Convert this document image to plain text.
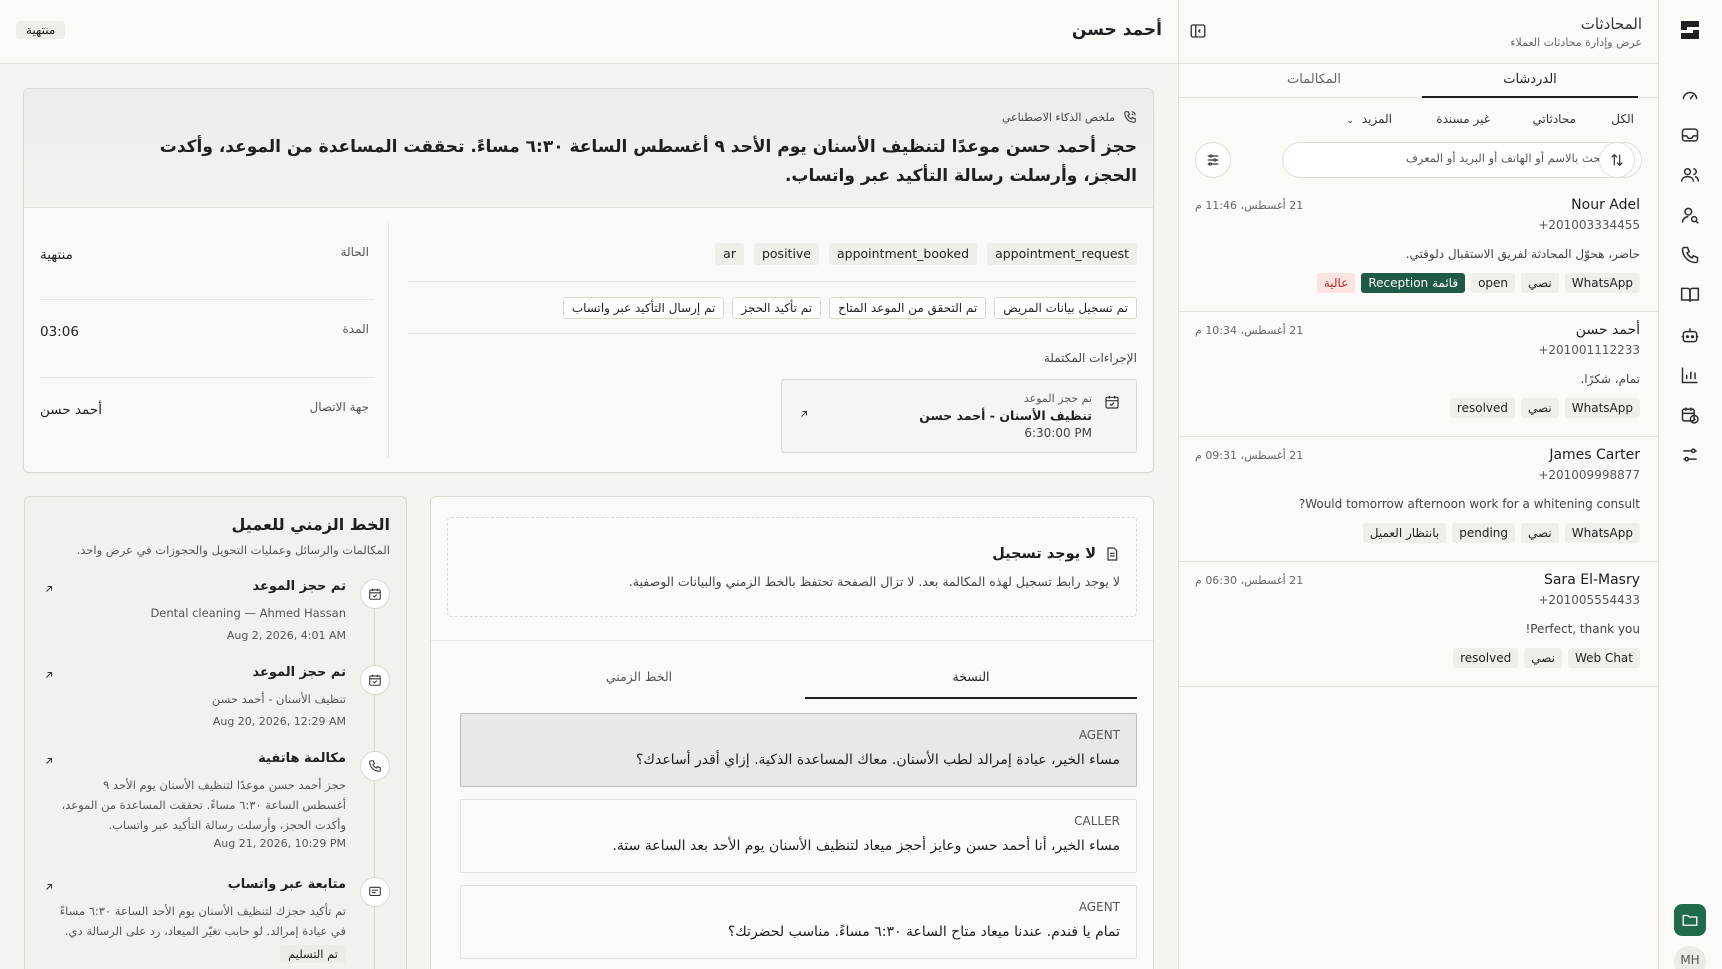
MH
المحادثات
عرض وإدارة محادثات العملاء
الدردشات
المكالمات
الكل
محادثاتي
غير مسندة
المزيد ⌄
ابحث بالاسم أو الهاتف أو البريد أو المعرف
Nour Adel
+201003334455
21 أغسطس، 11:46 م
حاضر، هحوّل المحادثة لفريق الاستقبال دلوقتي.
WhatsApp
نصي
open
قائمة Reception
عالية
أحمد حسن
+201001112233
21 أغسطس، 10:34 م
تمام، شكرًا.
WhatsApp
نصي
resolved
James Carter
+201009998877
21 أغسطس، 09:31 م
Would tomorrow afternoon work for a whitening consult?
WhatsApp
نصي
pending
بانتظار العميل
Sara El-Masry
+201005554433
21 أغسطس، 06:30 م
Perfect, thank you!
Web Chat
نصي
resolved
أحمد حسن
منتهية
ملخص الذكاء الاصطناعي
حجز أحمد حسن موعدًا لتنظيف الأسنان يوم الأحد ٩ أغسطس الساعة ٦:٣٠ مساءً. تحققت المساعدة من الموعد، وأكدت الحجز، وأرسلت رسالة التأكيد عبر واتساب.
الحالة
منتهية
المدة
03:06
جهة الاتصال
أحمد حسن
appointment_request
appointment_booked
positive
ar
تم تسجيل بيانات المريض
تم التحقق من الموعد المتاح
تم تأكيد الحجز
تم إرسال التأكيد عبر واتساب
الإجراءات المكتملة
تم حجز الموعد
تنظيف الأسنان - أحمد حسن
6:30:00 PM
الخط الزمني للعميل
المكالمات والرسائل وعمليات التحويل والحجوزات في عرض واحد.
تم حجز الموعد
Dental cleaning — Ahmed Hassan
Aug 2, 2026, 4:01 AM
تم حجز الموعد
تنظيف الأسنان - أحمد حسن
Aug 20, 2026, 12:29 AM
مكالمة هاتفية
حجز أحمد حسن موعدًا لتنظيف الأسنان يوم الأحد ٩ أغسطس الساعة ٦:٣٠ مساءً. تحققت المساعدة من الموعد، وأكدت الحجز، وأرسلت رسالة التأكيد عبر واتساب.
Aug 21, 2026, 10:29 PM
متابعة عبر واتساب
تم تأكيد حجزك لتنظيف الأسنان يوم الأحد الساعة ٦:٣٠ مساءً في عيادة إمرالد. لو حابب تغيّر الميعاد، رد على الرسالة دي.
تم التسليم
لا يوجد تسجيل
لا يوجد رابط تسجيل لهذه المكالمة بعد. لا تزال الصفحة تحتفظ بالخط الزمني والبيانات الوصفية.
النسخة
الخط الزمني
AGENT
مساء الخير، عيادة إمرالد لطب الأسنان. معاك المساعدة الذكية. إزاي أقدر أساعدك؟
CALLER
مساء الخير، أنا أحمد حسن وعايز أحجز ميعاد لتنظيف الأسنان يوم الأحد بعد الساعة ستة.
AGENT
تمام يا فندم. عندنا ميعاد متاح الساعة ٦:٣٠ مساءً. مناسب لحضرتك؟
